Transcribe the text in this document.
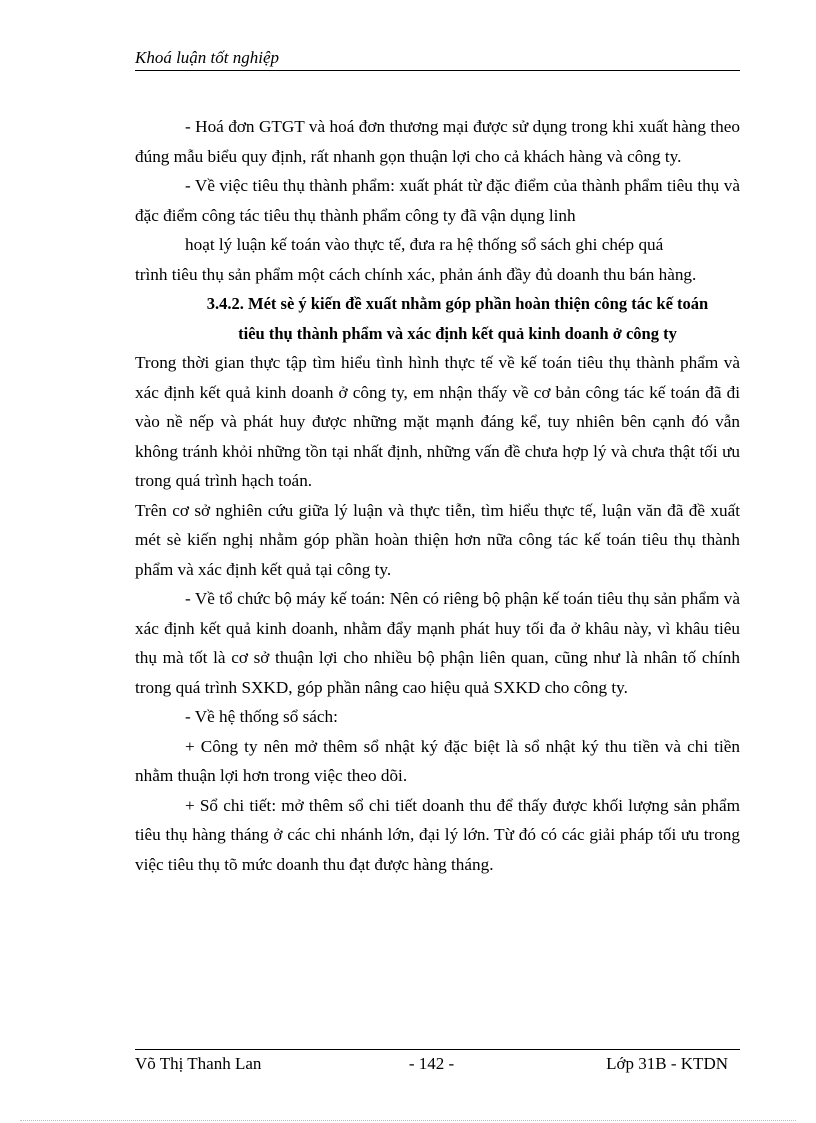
Khoá luận tốt nghiệp

- Hoá đơn GTGT và hoá đơn thương mại được sử dụng trong khi xuất hàng theo đúng mẫu biểu quy định, rất nhanh gọn thuận lợi cho cả khách hàng và công ty.

- Về việc tiêu thụ thành phẩm: xuất phát từ đặc điểm của thành phẩm tiêu thụ và đặc điểm công tác tiêu thụ thành phẩm công ty đã vận dụng linh

hoạt lý luận kế toán vào thực tế, đưa ra hệ thống sổ sách ghi chép quá

trình tiêu thụ sản phẩm một cách chính xác, phản ánh đầy đủ doanh thu bán hàng.

3.4.2. Mét sè ý kiến đề xuất nhằm góp phần hoàn thiện công tác kế toán

tiêu thụ thành phẩm và xác định kết quả kinh doanh ở công ty

Trong thời gian thực tập tìm hiểu tình hình thực tế về kế toán tiêu thụ thành phẩm và xác định kết quả kinh doanh ở công ty, em nhận thấy về cơ bản công tác kế toán đã đi vào nề nếp và phát huy được những mặt mạnh đáng kể, tuy nhiên bên cạnh đó vẫn không tránh khỏi những tồn tại nhất định, những vấn đề chưa hợp lý và chưa thật tối ưu trong quá trình hạch toán.

Trên cơ sở nghiên cứu giữa lý luận và thực tiễn, tìm hiểu thực tế, luận văn đã đề xuất mét sè kiến nghị nhằm góp phần hoàn thiện hơn nữa công tác kế toán tiêu thụ thành phẩm và xác định kết quả tại công ty.

- Về tổ chức bộ máy kế toán: Nên có riêng bộ phận kế toán tiêu thụ sản phẩm và xác định kết quả kinh doanh, nhằm đẩy mạnh phát huy tối đa ở khâu này, vì khâu tiêu thụ mà tốt là cơ sở thuận lợi cho nhiều bộ phận liên quan, cũng như là nhân tố chính trong quá trình SXKD, góp phần nâng cao hiệu quả SXKD cho công ty.

- Về hệ thống sổ sách:

+ Công ty nên mở thêm sổ nhật ký đặc biệt là sổ nhật ký thu tiền và chi tiền nhằm thuận lợi hơn trong việc theo dõi.

+ Sổ chi tiết: mở thêm sổ chi tiết doanh thu để thấy được khối lượng sản phẩm tiêu thụ hàng tháng ở các chi nhánh lớn, đại lý lớn. Từ đó có các giải pháp tối ưu trong việc tiêu thụ tõ mức doanh thu đạt được hàng tháng.

Võ Thị Thanh Lan	- 142 -	Lớp 31B - KTDN
